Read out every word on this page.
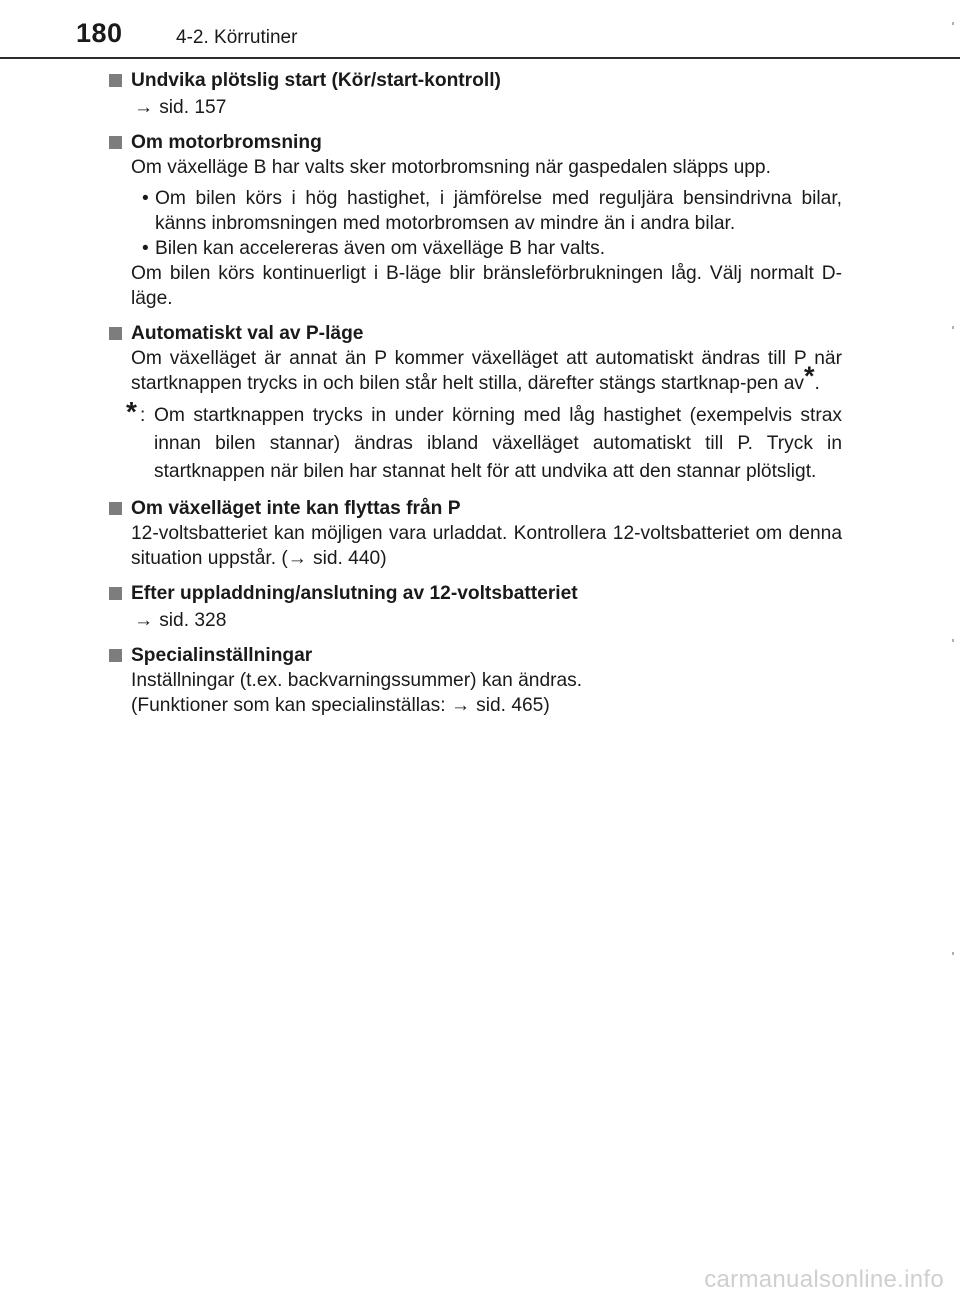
180	4-2. Körrutiner
Undvika plötslig start (Kör/start-kontroll)
→ sid. 157
Om motorbromsning
Om växelläge B har valts sker motorbromsning när gaspedalen släpps upp.
• Om bilen körs i hög hastighet, i jämförelse med reguljära bensindrivna bilar, känns inbromsningen med motorbromsen av mindre än i andra bilar.
• Bilen kan accelereras även om växelläge B har valts.
Om bilen körs kontinuerligt i B-läge blir bränsleförbrukningen låg. Välj normalt D-läge.
Automatiskt val av P-läge
Om växelläget är annat än P kommer växelläget att automatiskt ändras till P när startknappen trycks in och bilen står helt stilla, därefter stängs startknap-pen av*.
* : Om startknappen trycks in under körning med låg hastighet (exempelvis strax innan bilen stannar) ändras ibland växelläget automatiskt till P. Tryck in startknappen när bilen har stannat helt för att undvika att den stannar plötsligt.
Om växelläget inte kan flyttas från P
12-voltsbatteriet kan möjligen vara urladdat. Kontrollera 12-voltsbatteriet om denna situation uppstår. (→ sid. 440)
Efter uppladdning/anslutning av 12-voltsbatteriet
→ sid. 328
Specialinställningar
Inställningar (t.ex. backvarningssummer) kan ändras.
(Funktioner som kan specialinställas: → sid. 465)
carmanualsonline.info
